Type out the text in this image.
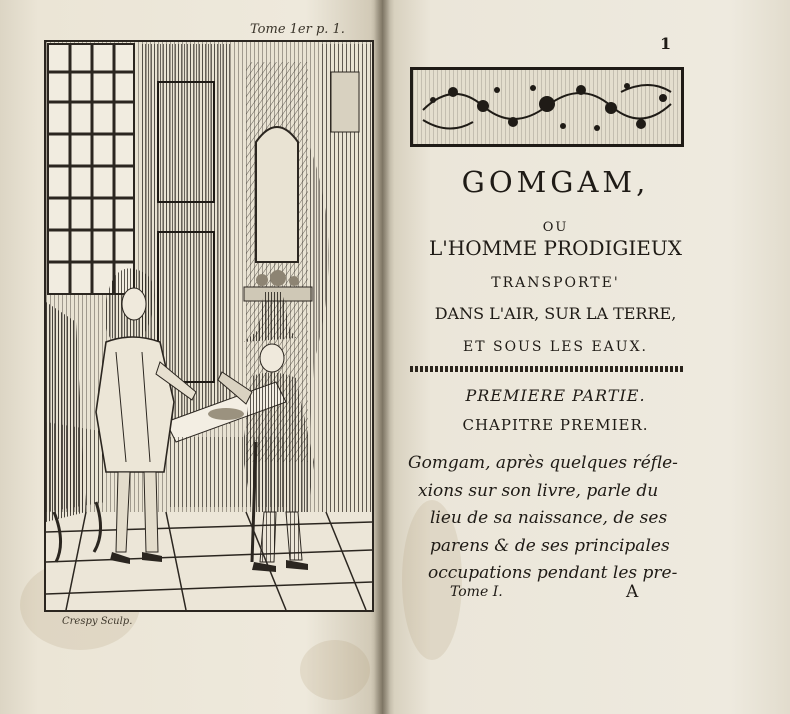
Tome 1er p. 1.
Crespy Sculp.
1
GOMGAM,
OU
L'HOMME PRODIGIEUX
TRANSPORTE'
DANS L'AIR, SUR LA TERRE,
ET SOUS LES EAUX.
PREMIERE PARTIE.
CHAPITRE PREMIER.
Gomgam, après quelques réfle-
xions sur son livre, parle du
lieu de sa naissance, de ses
parens & de ses principales
occupations pendant les pre-
Tome I.	A
